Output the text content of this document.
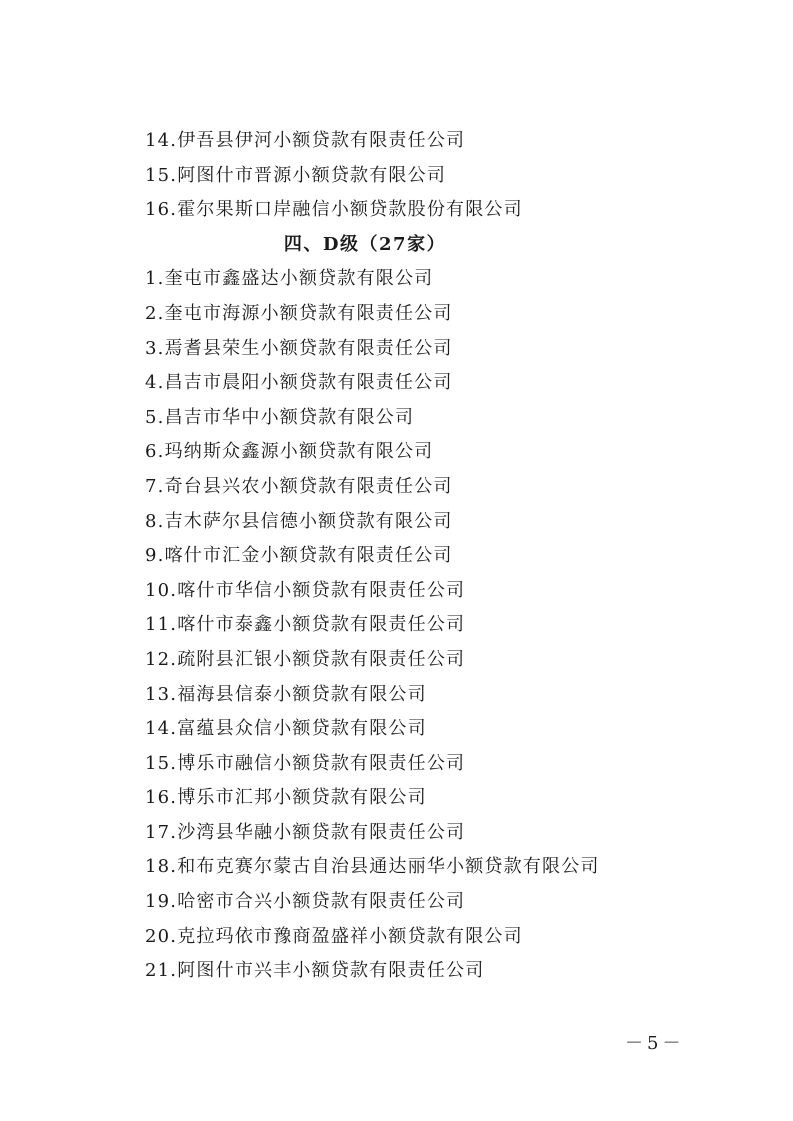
14.伊吾县伊河小额贷款有限责任公司
15.阿图什市晋源小额贷款有限公司
16.霍尔果斯口岸融信小额贷款股份有限公司
四、D级（27家）
1.奎屯市鑫盛达小额贷款有限公司
2.奎屯市海源小额贷款有限责任公司
3.焉耆县荣生小额贷款有限责任公司
4.昌吉市晨阳小额贷款有限责任公司
5.昌吉市华中小额贷款有限公司
6.玛纳斯众鑫源小额贷款有限公司
7.奇台县兴农小额贷款有限责任公司
8.吉木萨尔县信德小额贷款有限公司
9.喀什市汇金小额贷款有限责任公司
10.喀什市华信小额贷款有限责任公司
11.喀什市泰鑫小额贷款有限责任公司
12.疏附县汇银小额贷款有限责任公司
13.福海县信泰小额贷款有限公司
14.富蕴县众信小额贷款有限公司
15.博乐市融信小额贷款有限责任公司
16.博乐市汇邦小额贷款有限公司
17.沙湾县华融小额贷款有限责任公司
18.和布克赛尔蒙古自治县通达丽华小额贷款有限公司
19.哈密市合兴小额贷款有限责任公司
20.克拉玛依市豫商盈盛祥小额贷款有限公司
21.阿图什市兴丰小额贷款有限责任公司
－5－
